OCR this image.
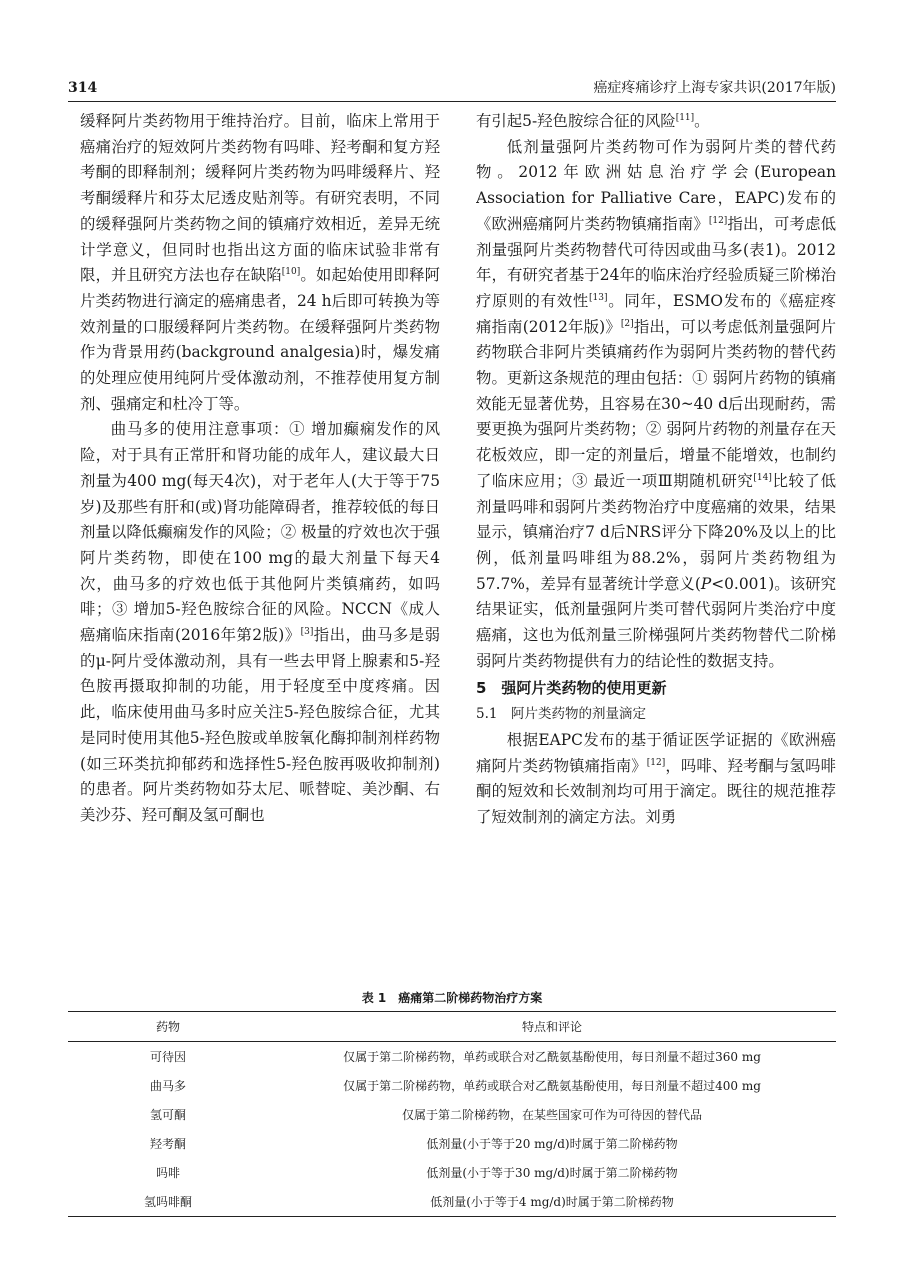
314	癌症疼痛诊疗上海专家共识(2017年版)

缓释阿片类药物用于维持治疗。目前，临床上常用于癌痛治疗的短效阿片类药物有吗啡、羟考酮和复方羟考酮的即释制剂；缓释阿片类药物为吗啡缓释片、羟考酮缓释片和芬太尼透皮贴剂等。有研究表明，不同的缓释强阿片类药物之间的镇痛疗效相近，差异无统计学意义，但同时也指出这方面的临床试验非常有限，并且研究方法也存在缺陷[10]。如起始使用即释阿片类药物进行滴定的癌痛患者，24 h后即可转换为等效剂量的口服缓释阿片类药物。在缓释强阿片类药物作为背景用药(background analgesia)时，爆发痛的处理应使用纯阿片受体激动剂，不推荐使用复方制剂、强痛定和杜冷丁等。

曲马多的使用注意事项：① 增加癫痫发作的风险，对于具有正常肝和肾功能的成年人，建议最大日剂量为400 mg(每天4次)，对于老年人(大于等于75岁)及那些有肝和(或)肾功能障碍者，推荐较低的每日剂量以降低癫痫发作的风险；② 极量的疗效也次于强阿片类药物，即使在100 mg的最大剂量下每天4次，曲马多的疗效也低于其他阿片类镇痛药，如吗啡；③ 增加5-羟色胺综合征的风险。NCCN《成人癌痛临床指南(2016年第2版)》[3]指出，曲马多是弱的μ-阿片受体激动剂，具有一些去甲肾上腺素和5-羟色胺再摄取抑制的功能，用于轻度至中度疼痛。因此，临床使用曲马多时应关注5-羟色胺综合征，尤其是同时使用其他5-羟色胺或单胺氧化酶抑制剂样药物(如三环类抗抑郁药和选择性5-羟色胺再吸收抑制剂)的患者。阿片类药物如芬太尼、哌替啶、美沙酮、右美沙芬、羟可酮及氢可酮也

有引起5-羟色胺综合征的风险[11]。

低剂量强阿片类药物可作为弱阿片类的替代药物。2012年欧洲姑息治疗学会(European Association for Palliative Care，EAPC)发布的《欧洲癌痛阿片类药物镇痛指南》[12]指出，可考虑低剂量强阿片类药物替代可待因或曲马多(表1)。2012年，有研究者基于24年的临床治疗经验质疑三阶梯治疗原则的有效性[13]。同年，ESMO发布的《癌症疼痛指南(2012年版)》[2]指出，可以考虑低剂量强阿片药物联合非阿片类镇痛药作为弱阿片类药物的替代药物。更新这条规范的理由包括：① 弱阿片药物的镇痛效能无显著优势，且容易在30~40 d后出现耐药，需要更换为强阿片类药物；② 弱阿片药物的剂量存在天花板效应，即一定的剂量后，增量不能增效，也制约了临床应用；③ 最近一项Ⅲ期随机研究[14]比较了低剂量吗啡和弱阿片类药物治疗中度癌痛的效果，结果显示，镇痛治疗7 d后NRS评分下降20%及以上的比例，低剂量吗啡组为88.2%，弱阿片类药物组为57.7%，差异有显著统计学意义(P<0.001)。该研究结果证实，低剂量强阿片类可替代弱阿片类治疗中度癌痛，这也为低剂量三阶梯强阿片类药物替代二阶梯弱阿片类药物提供有力的结论性的数据支持。

5　强阿片类药物的使用更新
5.1　阿片类药物的剂量滴定

根据EAPC发布的基于循证医学证据的《欧洲癌痛阿片类药物镇痛指南》[12]，吗啡、羟考酮与氢吗啡酮的短效和长效制剂均可用于滴定。既往的规范推荐了短效制剂的滴定方法。刘勇

表 1　癌痛第二阶梯药物治疗方案
药物	特点和评论
可待因	仅属于第二阶梯药物，单药或联合对乙酰氨基酚使用，每日剂量不超过360 mg
曲马多	仅属于第二阶梯药物，单药或联合对乙酰氨基酚使用，每日剂量不超过400 mg
氢可酮	仅属于第二阶梯药物，在某些国家可作为可待因的替代品
羟考酮	低剂量(小于等于20 mg/d)时属于第二阶梯药物
吗啡	低剂量(小于等于30 mg/d)时属于第二阶梯药物
氢吗啡酮	低剂量(小于等于4 mg/d)时属于第二阶梯药物
